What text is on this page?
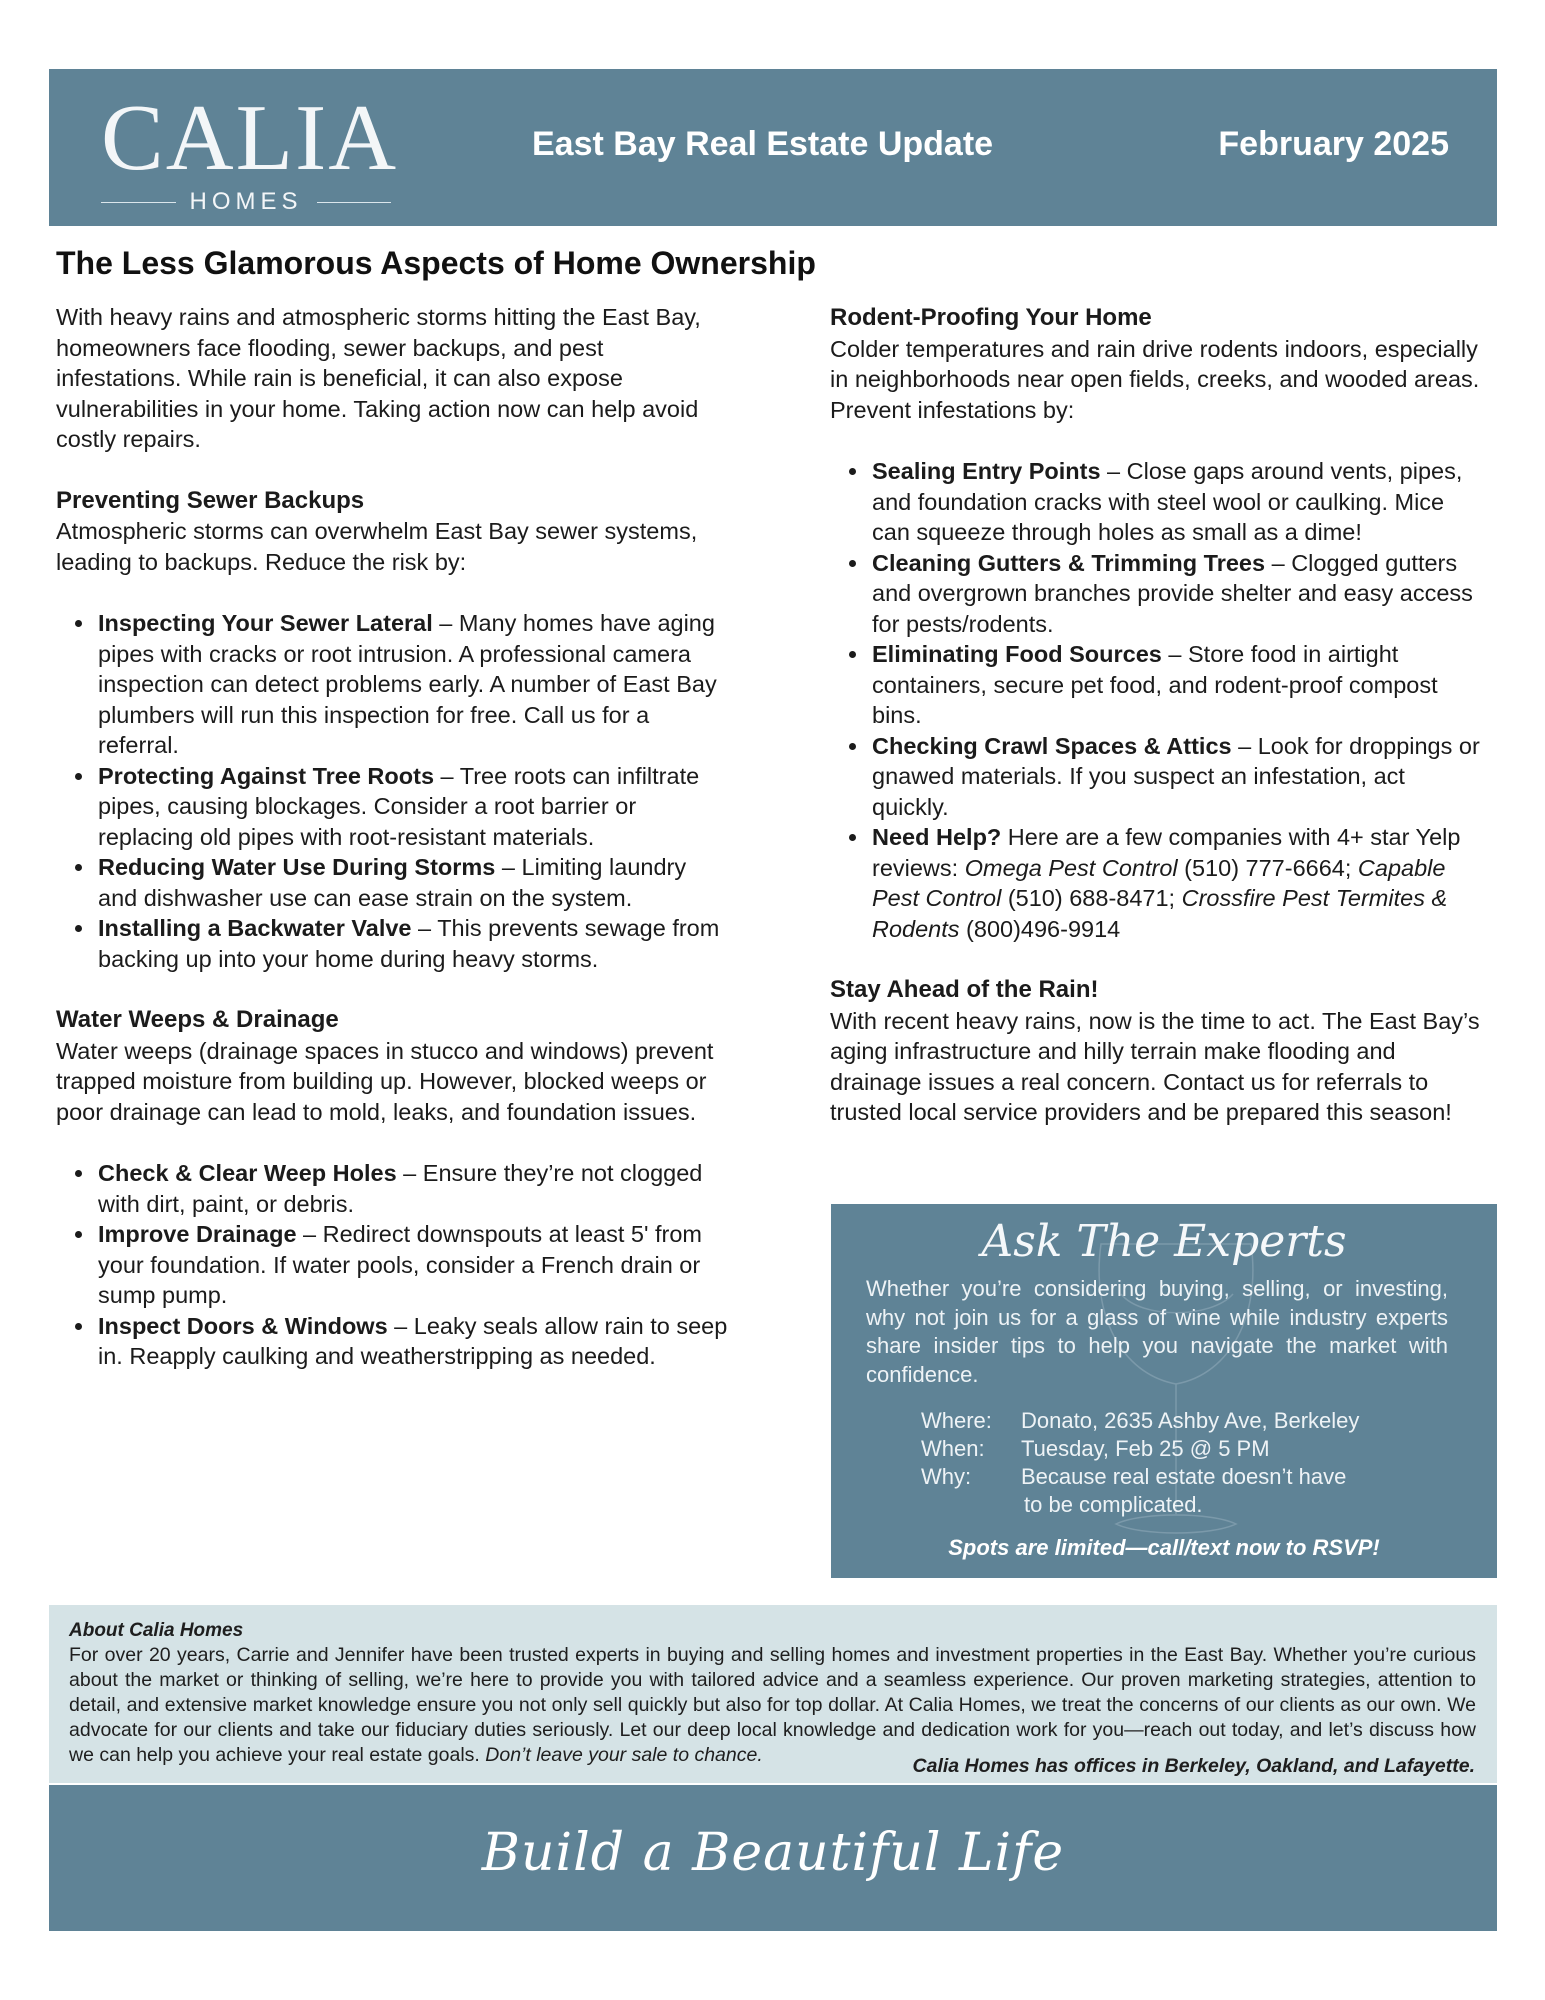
CALIA
HOMES
East Bay Real Estate Update	February 2025
The Less Glamorous Aspects of Home Ownership

With heavy rains and atmospheric storms hitting the East Bay, homeowners face flooding, sewer backups, and pest infestations. While rain is beneficial, it can also expose vulnerabilities in your home. Taking action now can help avoid costly repairs.

Preventing Sewer Backups

Atmospheric storms can overwhelm East Bay sewer systems, leading to backups. Reduce the risk by:

• Inspecting Your Sewer Lateral – Many homes have aging pipes with cracks or root intrusion. A professional camera inspection can detect problems early. A number of East Bay plumbers will run this inspection for free. Call us for a referral.
• Protecting Against Tree Roots – Tree roots can infiltrate pipes, causing blockages. Consider a root barrier or replacing old pipes with root-resistant materials.
• Reducing Water Use During Storms – Limiting laundry and dishwasher use can ease strain on the system.
• Installing a Backwater Valve – This prevents sewage from backing up into your home during heavy storms.
Water Weeps & Drainage

Water weeps (drainage spaces in stucco and windows) prevent trapped moisture from building up. However, blocked weeps or poor drainage can lead to mold, leaks, and foundation issues.

• Check & Clear Weep Holes – Ensure they’re not clogged with dirt, paint, or debris.
• Improve Drainage – Redirect downspouts at least 5' from your foundation. If water pools, consider a French drain or sump pump.
• Inspect Doors & Windows – Leaky seals allow rain to seep in. Reapply caulking and weatherstripping as needed.
Rodent-Proofing Your Home

Colder temperatures and rain drive rodents indoors, especially in neighborhoods near open fields, creeks, and wooded areas. Prevent infestations by:

• Sealing Entry Points – Close gaps around vents, pipes, and foundation cracks with steel wool or caulking. Mice can squeeze through holes as small as a dime!
• Cleaning Gutters & Trimming Trees – Clogged gutters and overgrown branches provide shelter and easy access for pests/rodents.
• Eliminating Food Sources – Store food in airtight containers, secure pet food, and rodent-proof compost bins.
• Checking Crawl Spaces & Attics – Look for droppings or gnawed materials. If you suspect an infestation, act quickly.
• Need Help? Here are a few companies with 4+ star Yelp reviews: Omega Pest Control (510) 777-6664; Capable Pest Control (510) 688-8471; Crossfire Pest Termites & Rodents (800)496-9914
Stay Ahead of the Rain!

With recent heavy rains, now is the time to act. The East Bay’s aging infrastructure and hilly terrain make flooding and drainage issues a real concern. Contact us for referrals to trusted local service providers and be prepared this season!

Ask The Experts
Whether you’re considering buying, selling, or investing, why not join us for a glass of wine while industry experts share insider tips to help you navigate the market with confidence.
Where:	Donato, 2635 Ashby Ave, Berkeley
When:	Tuesday, Feb 25 @ 5 PM
Why:	Because real estate doesn’t have
to be complicated.
Spots are limited—call/text now to RSVP!
About Calia Homes
For over 20 years, Carrie and Jennifer have been trusted experts in buying and selling homes and investment properties in the East Bay. Whether you’re curious about the market or thinking of selling, we’re here to provide you with tailored advice and a seamless experience. Our proven marketing strategies, attention to detail, and extensive market knowledge ensure you not only sell quickly but also for top dollar. At Calia Homes, we treat the concerns of our clients as our own. We advocate for our clients and take our fiduciary duties seriously. Let our deep local knowledge and dedication work for you—reach out today, and let’s discuss how we can help you achieve your real estate goals. Don’t leave your sale to chance.	Calia Homes has offices in Berkeley, Oakland, and Lafayette.
Build a Beautiful Life
